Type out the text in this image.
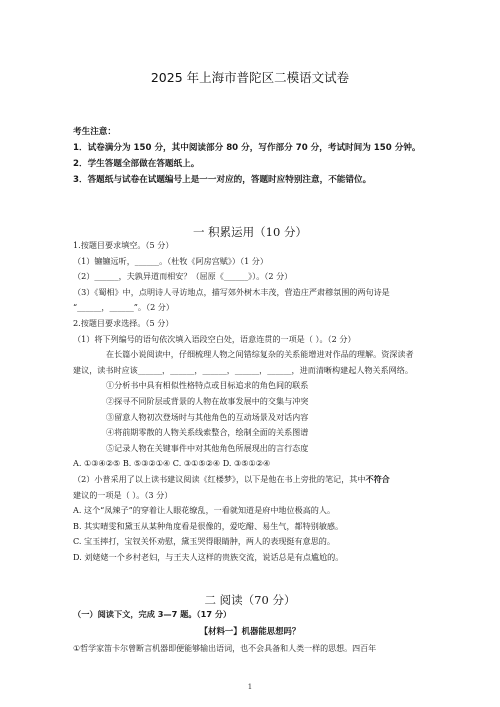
2025 年上海市普陀区二模语文试卷
考生注意：
1．试卷满分为 150 分，其中阅读部分 80 分，写作部分 70 分，考试时间为 150 分钟。
2．学生答题全部做在答题纸上。
3．答题纸与试卷在试题编号上是一一对应的，答题时应特别注意，不能错位。
一 积累运用（10 分）
1.按题目要求填空。（5 分）
（1）镳镳远听，______。（杜牧《阿房宫赋》）（1 分）
（2）______，夫孰异道而相安？（屈原《______》）。（2 分）
（3）《蜀相》中，点明诗人寻访地点，描写郊外树木丰茂，营造庄严肃穆氛围的两句诗是
“______，______”。（2 分）
2.按题目要求选择。（5 分）
（1）将下列编号的语句依次填入语段空白处，语意连贯的一项是（ ）。（2 分）
在长篇小说阅读中，仔细梳理人物之间错综复杂的关系能增进对作品的理解。资深读者
建议，读书时应该______，______，______，______，______，进而清晰构建起人物关系网络。
①分析书中具有相似性格特点或目标追求的角色间的联系
②探寻不同阶层或背景的人物在故事发展中的交集与冲突
③留意人物初次登场时与其他角色的互动场景及对话内容
④将前期零散的人物关系线索整合，绘制全面的关系图谱
⑤记录人物在关键事件中对其他角色所展现出的言行态度
A. ①③④②⑤ B. ⑤③②①④ C. ③①⑤②④ D. ③⑤①②④
（2）小普采用了以上读书建议阅读《红楼梦》，以下是他在书上旁批的笔记，其中不符合
建议的一项是（ ）。（3 分）
A. 这个“凤辣子”的穿着让人眼花缭乱，一看就知道是府中地位极高的人。
B. 其实晴雯和黛玉从某种角度看是很像的，爱吃醋、易生气，都特别敏感。
C. 宝玉摔打，宝钗关怀劝慰，黛玉哭得眼睛肿，两人的表现挺有意思的。
D. 刘姥姥一个乡村老妇，与王夫人这样的贵族交流，说话总是有点尴尬的。
二 阅读（70 分）
（一）阅读下文，完成 3—7 题。（17 分）
【材料一】机器能思想吗？
①哲学家笛卡尔曾断言机器即便能够输出语词，也不会具备和人类一样的思想。四百年
1
